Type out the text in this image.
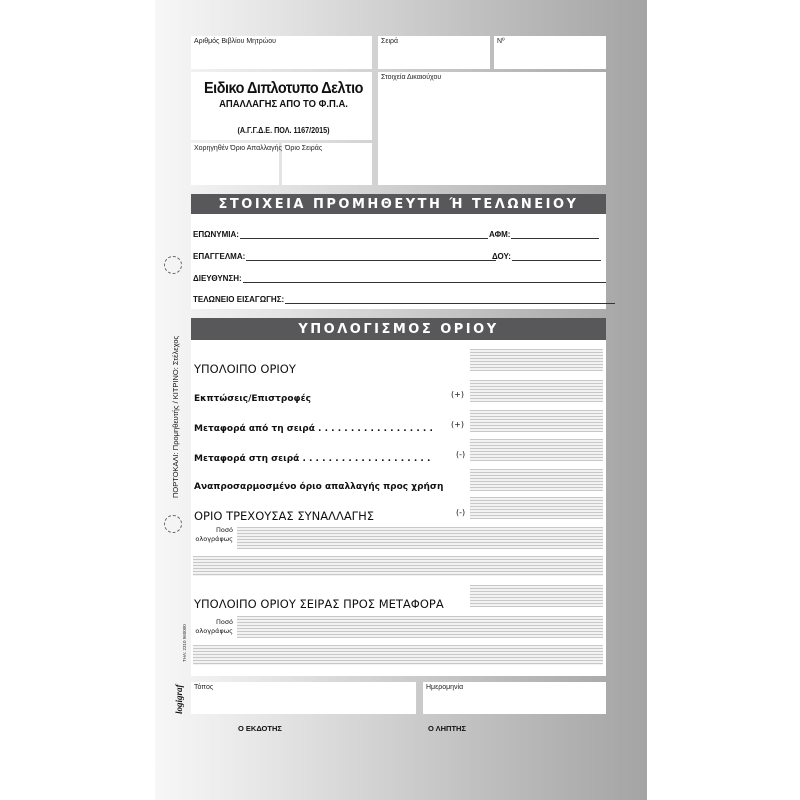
Αριθμός Βιβλίου Μητρώου	Σειρά	Νº
Ειδικο Διπλοτυπο Δελτιο
ΑΠΑΛΛΑΓΗΣ ΑΠΟ ΤΟ Φ.Π.Α.
(Α.Γ.Γ.Δ.Ε. ΠΟΛ. 1167/2015)
Στοιχεία Δικαιούχου
Χορηγηθέν Όριο Απαλλαγής Όριο Σειράς
ΣΤΟΙΧΕΙΑ ΠΡΟΜΗΘΕΥΤΗ Ή ΤΕΛΩΝΕΙΟΥ
ΕΠΩΝΥΜΙΑ:	ΑΦΜ:
ΕΠΑΓΓΕΛΜΑ:	ΔΟΥ:
ΔΙΕΥΘΥΝΣΗ:
ΤΕΛΩΝΕΙΟ ΕΙΣΑΓΩΓΗΣ:
ΥΠΟΛΟΓΙΣΜΟΣ ΟΡΙΟΥ
ΥΠΟΛΟΙΠΟ ΟΡΙΟΥ
Εκπτώσεις/Επιστροφές	(+)
Μεταφορά από τη σειρά . . . . . . . . . . . . . . . . . . (+)
Μεταφορά στη σειρά . . . . . . . . . . . . . . . . . . . .	(-)
Αναπροσαρμοσμένο όριο απαλλαγής προς χρήση
ΟΡΙΟ ΤΡΕΧΟΥΣΑΣ ΣΥΝΑΛΛΑΓΗΣ	(-)
Ποσό
ολογράφως
ΥΠΟΛΟΙΠΟ ΟΡΙΟΥ ΣΕΙΡΑΣ ΠΡΟΣ ΜΕΤΑΦΟΡΑ
Ποσό
ολογράφως
Τόπος	Ημερομηνία
Ο ΕΚΔΟΤΗΣ	Ο ΛΗΠΤΗΣ
ΠΟΡΤΟΚΑΛΙ: Προμηθευτής / ΚΙΤΡΙΝΟ: Στέλεχος
ΤΗΑ: 2310 960000
logigraf
